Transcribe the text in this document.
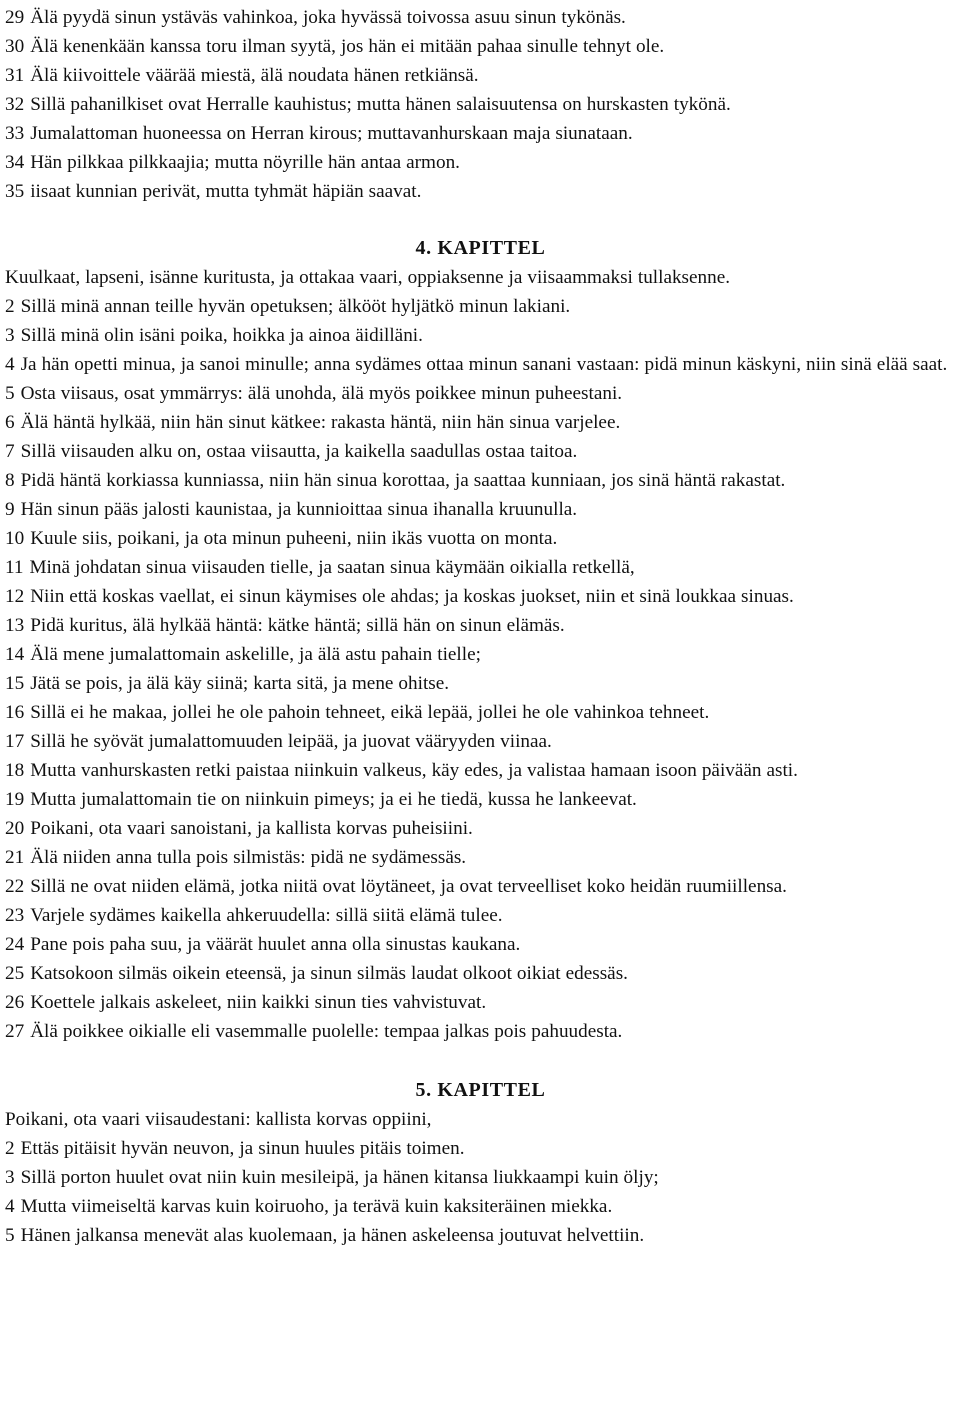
29 Älä pyydä sinun ystäväs vahinkoa, joka hyvässä toivossa asuu sinun tykönäs.

30 Älä kenenkään kanssa toru ilman syytä, jos hän ei mitään pahaa sinulle tehnyt ole.

31 Älä kiivoittele väärää miestä, älä noudata hänen retkiänsä.

32 Sillä pahanilkiset ovat Herralle kauhistus; mutta hänen salaisuutensa on hurskasten tykönä.

33 Jumalattoman huoneessa on Herran kirous; muttavanhurskaan maja siunataan.

34 Hän pilkkaa pilkkaajia; mutta nöyrille hän antaa armon.

35 iisaat kunnian perivät, mutta tyhmät häpiän saavat.

4. KAPITTEL

Kuulkaat, lapseni, isänne kuritusta, ja ottakaa vaari, oppiaksenne ja viisaammaksi tullaksenne.

2 Sillä minä annan teille hyvän opetuksen; älkööt hyljätkö minun lakiani.

3 Sillä minä olin isäni poika, hoikka ja ainoa äidilläni.

4 Ja hän opetti minua, ja sanoi minulle; anna sydämes ottaa minun sanani vastaan: pidä minun käskyni, niin sinä elää saat.

5 Osta viisaus, osat ymmärrys: älä unohda, älä myös poikkee minun puheestani.

6 Älä häntä hylkää, niin hän sinut kätkee: rakasta häntä, niin hän sinua varjelee.

7 Sillä viisauden alku on, ostaa viisautta, ja kaikella saadullas ostaa taitoa.

8 Pidä häntä korkiassa kunniassa, niin hän sinua korottaa, ja saattaa kunniaan, jos sinä häntä rakastat.

9 Hän sinun pääs jalosti kaunistaa, ja kunnioittaa sinua ihanalla kruunulla.

10 Kuule siis, poikani, ja ota minun puheeni, niin ikäs vuotta on monta.

11 Minä johdatan sinua viisauden tielle, ja saatan sinua käymään oikialla retkellä,

12 Niin että koskas vaellat, ei sinun käymises ole ahdas; ja koskas juokset, niin et sinä loukkaa sinuas.

13 Pidä kuritus, älä hylkää häntä: kätke häntä; sillä hän on sinun elämäs.

14 Älä mene jumalattomain askelille, ja älä astu pahain tielle;

15 Jätä se pois, ja älä käy siinä; karta sitä, ja mene ohitse.

16 Sillä ei he makaa, jollei he ole pahoin tehneet, eikä lepää, jollei he ole vahinkoa tehneet.

17 Sillä he syövät jumalattomuuden leipää, ja juovat vääryyden viinaa.

18 Mutta vanhurskasten retki paistaa niinkuin valkeus, käy edes, ja valistaa hamaan isoon päivään asti.

19 Mutta jumalattomain tie on niinkuin pimeys; ja ei he tiedä, kussa he lankeevat.

20 Poikani, ota vaari sanoistani, ja kallista korvas puheisiini.

21 Älä niiden anna tulla pois silmistäs: pidä ne sydämessäs.

22 Sillä ne ovat niiden elämä, jotka niitä ovat löytäneet, ja ovat terveelliset koko heidän ruumiillensa.

23 Varjele sydämes kaikella ahkeruudella: sillä siitä elämä tulee.

24 Pane pois paha suu, ja väärät huulet anna olla sinustas kaukana.

25 Katsokoon silmäs oikein eteensä, ja sinun silmäs laudat olkoot oikiat edessäs.

26 Koettele jalkais askeleet, niin kaikki sinun ties vahvistuvat.

27 Älä poikkee oikialle eli vasemmalle puolelle: tempaa jalkas pois pahuudesta.

5. KAPITTEL

Poikani, ota vaari viisaudestani: kallista korvas oppiini,

2 Ettäs pitäisit hyvän neuvon, ja sinun huules pitäis toimen.

3 Sillä porton huulet ovat niin kuin mesileipä, ja hänen kitansa liukkaampi kuin öljy;

4 Mutta viimeiseltä karvas kuin koiruoho, ja terävä kuin kaksiteräinen miekka.

5 Hänen jalkansa menevät alas kuolemaan, ja hänen askeleensa joutuvat helvettiin.
